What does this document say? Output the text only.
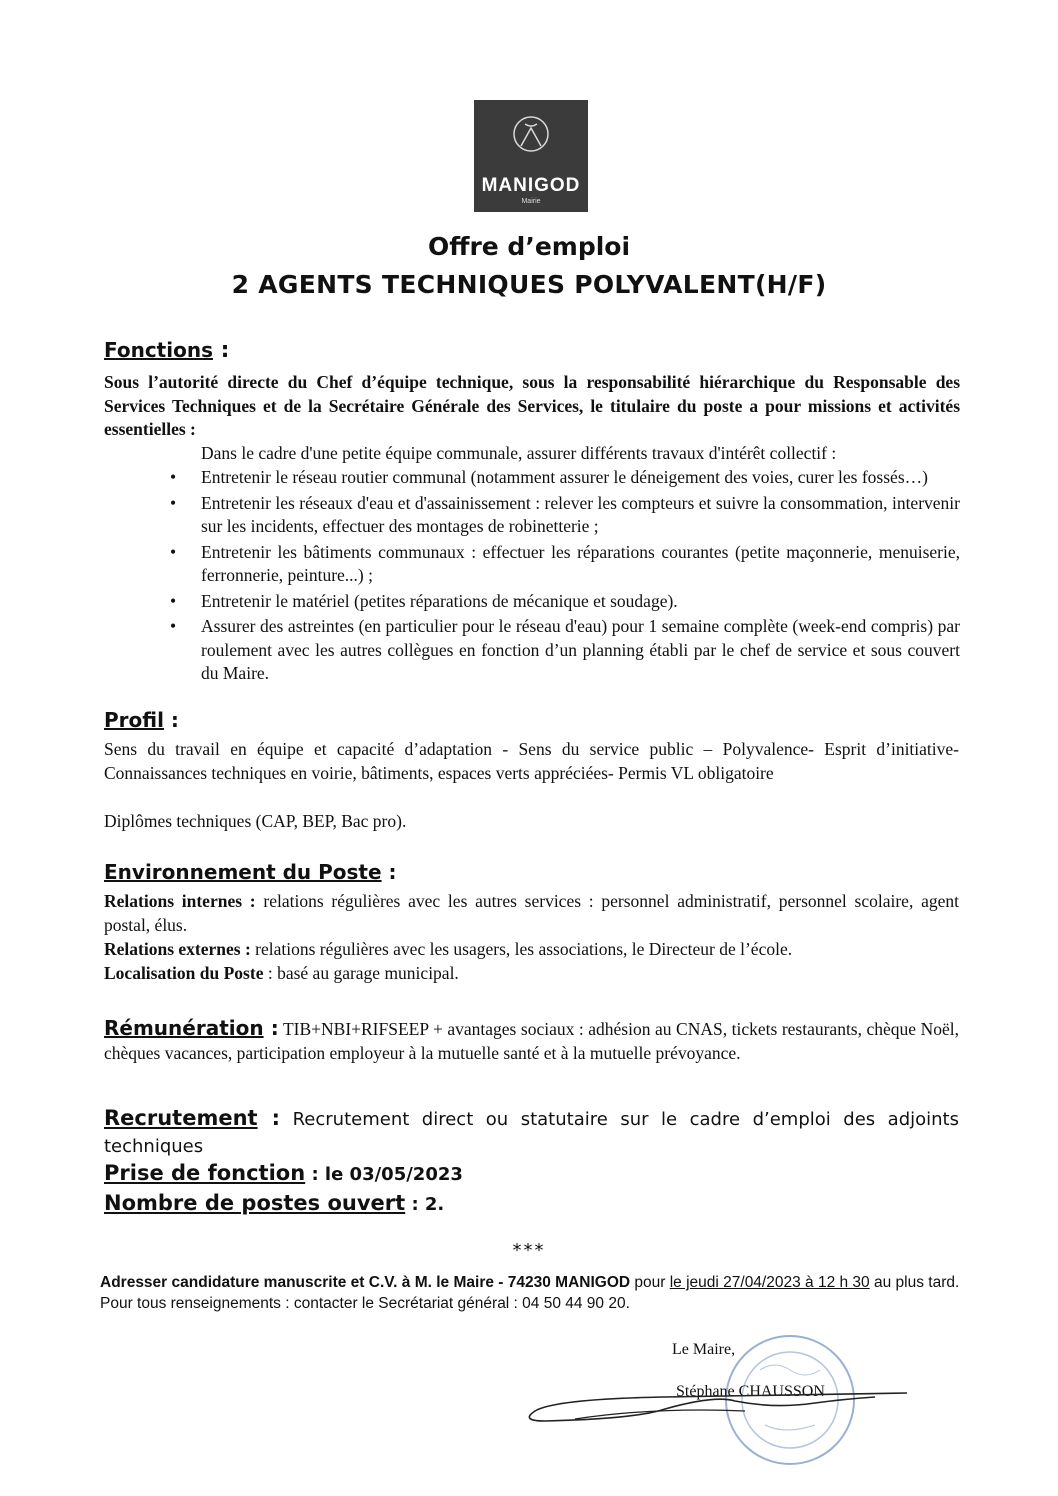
MANIGOD
Mairie
Offre d’emploi
2 AGENTS TECHNIQUES POLYVALENT(H/F)
Fonctions :
Sous l’autorité directe du Chef d’équipe technique, sous la responsabilité hiérarchique du Responsable des Services Techniques et de la Secrétaire Générale des Services, le titulaire du poste a pour missions et activités essentielles :
Dans le cadre d'une petite équipe communale, assurer différents travaux d'intérêt collectif :
• Entretenir le réseau routier communal (notamment assurer le déneigement des voies, curer les fossés…)
• Entretenir les réseaux d'eau et d'assainissement : relever les compteurs et suivre la consommation, intervenir sur les incidents, effectuer des montages de robinetterie ;
• Entretenir les bâtiments communaux : effectuer les réparations courantes (petite maçonnerie, menuiserie, ferronnerie, peinture...) ;
• Entretenir le matériel (petites réparations de mécanique et soudage).
• Assurer des astreintes (en particulier pour le réseau d'eau) pour 1 semaine complète (week-end compris) par roulement avec les autres collègues en fonction d’un planning établi par le chef de service et sous couvert du Maire.
Profil :
Sens du travail en équipe et capacité d’adaptation - Sens du service public – Polyvalence- Esprit d’initiative- Connaissances techniques en voirie, bâtiments, espaces verts appréciées- Permis VL obligatoire
Diplômes techniques (CAP, BEP, Bac pro).
Environnement du Poste :
Relations internes : relations régulières avec les autres services : personnel administratif, personnel scolaire, agent postal, élus.
Relations externes : relations régulières avec les usagers, les associations, le Directeur de l’école.
Localisation du Poste : basé au garage municipal.
Rémunération : TIB+NBI+RIFSEEP + avantages sociaux : adhésion au CNAS, tickets restaurants, chèque Noël, chèques vacances, participation employeur à la mutuelle santé et à la mutuelle prévoyance.
Recrutement : Recrutement direct ou statutaire sur le cadre d’emploi des adjoints techniques
Prise de fonction : le 03/05/2023
Nombre de postes ouvert : 2.
***
Adresser candidature manuscrite et C.V. à M. le Maire - 74230 MANIGOD pour le jeudi 27/04/2023 à 12 h 30 au plus tard. Pour tous renseignements : contacter le Secrétariat général : 04 50 44 90 20.
Le Maire,
Stéphane CHAUSSON
